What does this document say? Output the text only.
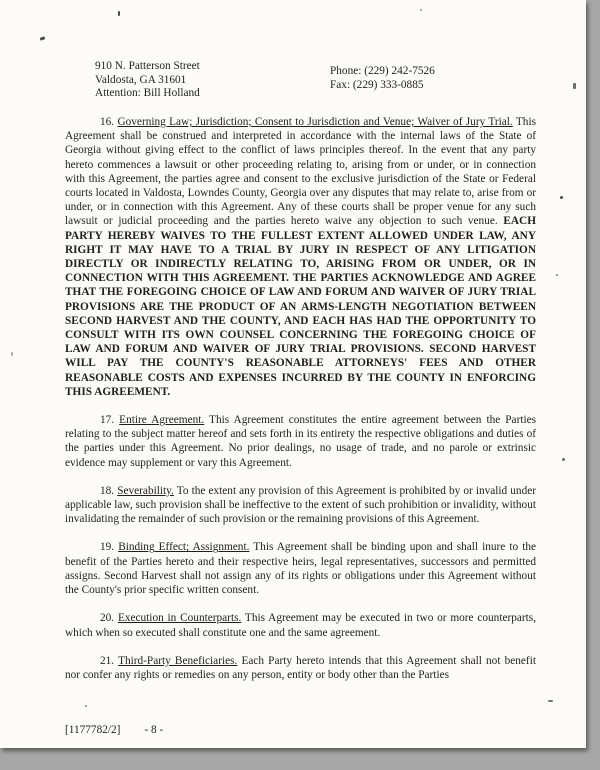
910 N. Patterson Street
Valdosta, GA 31601
Attention: Bill Holland
Phone: (229) 242-7526
Fax: (229) 333-0885

16. Governing Law; Jurisdiction; Consent to Jurisdiction and Venue; Waiver of Jury Trial. This Agreement shall be construed and interpreted in accordance with the internal laws of the State of Georgia without giving effect to the conflict of laws principles thereof. In the event that any party hereto commences a lawsuit or other proceeding relating to, arising from or under, or in connection with this Agreement, the parties agree and consent to the exclusive jurisdiction of the State or Federal courts located in Valdosta, Lowndes County, Georgia over any disputes that may relate to, arise from or under, or in connection with this Agreement. Any of these courts shall be proper venue for any such lawsuit or judicial proceeding and the parties hereto waive any objection to such venue. EACH PARTY HEREBY WAIVES TO THE FULLEST EXTENT ALLOWED UNDER LAW, ANY RIGHT IT MAY HAVE TO A TRIAL BY JURY IN RESPECT OF ANY LITIGATION DIRECTLY OR INDIRECTLY RELATING TO, ARISING FROM OR UNDER, OR IN CONNECTION WITH THIS AGREEMENT. THE PARTIES ACKNOWLEDGE AND AGREE THAT THE FOREGOING CHOICE OF LAW AND FORUM AND WAIVER OF JURY TRIAL PROVISIONS ARE THE PRODUCT OF AN ARMS-LENGTH NEGOTIATION BETWEEN SECOND HARVEST AND THE COUNTY, AND EACH HAS HAD THE OPPORTUNITY TO CONSULT WITH ITS OWN COUNSEL CONCERNING THE FOREGOING CHOICE OF LAW AND FORUM AND WAIVER OF JURY TRIAL PROVISIONS. SECOND HARVEST WILL PAY THE COUNTY'S REASONABLE ATTORNEYS' FEES AND OTHER REASONABLE COSTS AND EXPENSES INCURRED BY THE COUNTY IN ENFORCING THIS AGREEMENT.

17. Entire Agreement. This Agreement constitutes the entire agreement between the Parties relating to the subject matter hereof and sets forth in its entirety the respective obligations and duties of the parties under this Agreement. No prior dealings, no usage of trade, and no parole or extrinsic evidence may supplement or vary this Agreement.

18. Severability. To the extent any provision of this Agreement is prohibited by or invalid under applicable law, such provision shall be ineffective to the extent of such prohibition or invalidity, without invalidating the remainder of such provision or the remaining provisions of this Agreement.

19. Binding Effect; Assignment. This Agreement shall be binding upon and shall inure to the benefit of the Parties hereto and their respective heirs, legal representatives, successors and permitted assigns. Second Harvest shall not assign any of its rights or obligations under this Agreement without the County's prior specific written consent.

20. Execution in Counterparts. This Agreement may be executed in two or more counterparts, which when so executed shall constitute one and the same agreement.

21. Third-Party Beneficiaries. Each Party hereto intends that this Agreement shall not benefit nor confer any rights or remedies on any person, entity or body other than the Parties

[1177782/2] - 8 -
